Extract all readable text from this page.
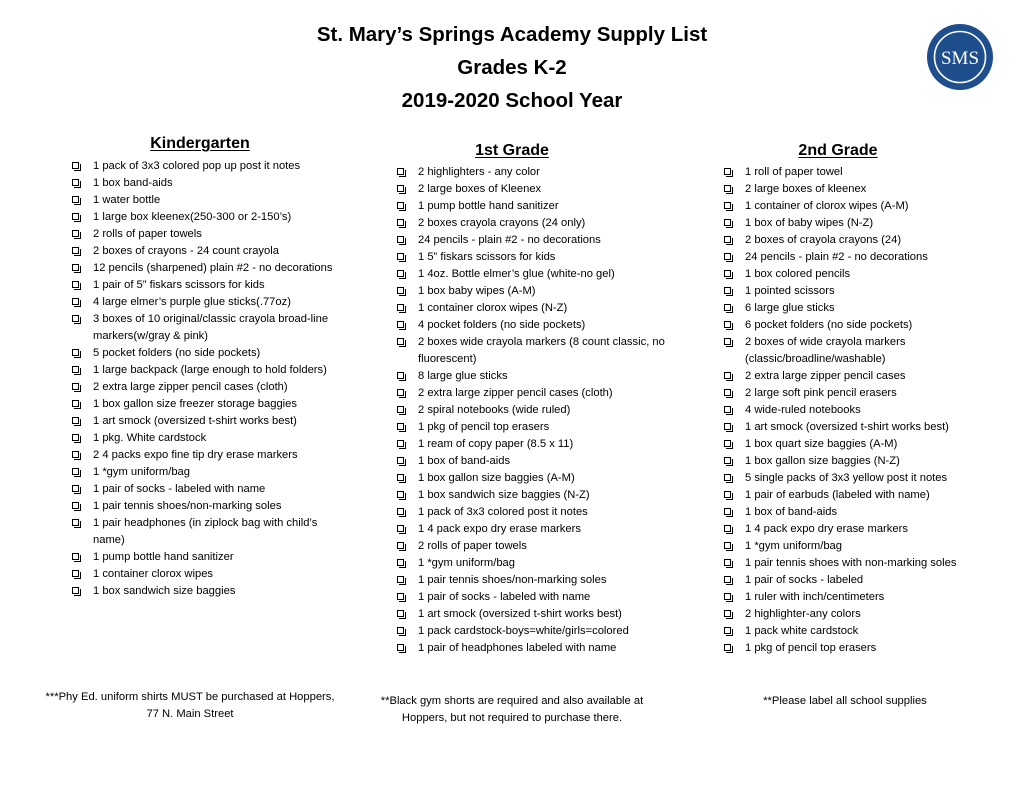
St. Mary’s Springs Academy Supply List
Grades K-2
2019-2020 School Year
SMS
Kindergarten
1 pack of 3x3 colored pop up post it notes
1 box band-aids
1 water bottle
1 large box kleenex(250-300 or 2-150’s)
2 rolls of paper towels
2 boxes of crayons - 24 count crayola
12 pencils (sharpened) plain #2 - no decorations
1 pair of 5” fiskars scissors for kids
4 large elmer’s purple glue sticks(.77oz)
3 boxes of 10 original/classic crayola broad-line markers(w/gray & pink)
5 pocket folders (no side pockets)
1 large backpack (large enough to hold folders)
2 extra large zipper pencil cases (cloth)
1 box gallon size freezer storage baggies
1 art smock (oversized t-shirt works best)
1 pkg. White cardstock
2 4 packs expo fine tip dry erase markers
1 *gym uniform/bag
1 pair of socks - labeled with name
1 pair tennis shoes/non-marking soles
1 pair headphones (in ziplock bag with child’s name)
1 pump bottle hand sanitizer
1 container clorox wipes
1 box sandwich size baggies
***Phy Ed. uniform shirts MUST be purchased at Hoppers, 77 N. Main Street
1st Grade
2 highlighters - any color
2 large boxes of Kleenex
1 pump bottle hand sanitizer
2 boxes crayola crayons (24 only)
24 pencils - plain #2 - no decorations
1 5” fiskars scissors for kids
1 4oz. Bottle elmer’s glue (white-no gel)
1 box baby wipes (A-M)
1 container clorox wipes (N-Z)
4 pocket folders (no side pockets)
2 boxes wide crayola markers (8 count classic, no fluorescent)
8 large glue sticks
2 extra large zipper pencil cases (cloth)
2 spiral notebooks (wide ruled)
1 pkg of pencil top erasers
1 ream of copy paper (8.5 x 11)
1 box of band-aids
1 box gallon size baggies (A-M)
1 box sandwich size baggies (N-Z)
1 pack of 3x3 colored post it notes
1 4 pack expo dry erase markers
2 rolls of paper towels
1 *gym uniform/bag
1 pair tennis shoes/non-marking soles
1 pair of socks - labeled with name
1 art smock (oversized t-shirt works best)
1 pack cardstock-boys=white/girls=colored
1 pair of headphones labeled with name
**Black gym shorts are required and also available at Hoppers, but not required to purchase there.
2nd Grade
1 roll of paper towel
2 large boxes of kleenex
1 container of clorox wipes (A-M)
1 box of baby wipes (N-Z)
2 boxes of crayola crayons (24)
24 pencils - plain #2 - no decorations
1 box colored pencils
1 pointed scissors
6 large glue sticks
6 pocket folders (no side pockets)
2 boxes of wide crayola markers (classic/broadline/washable)
2 extra large zipper pencil cases
2 large soft pink pencil erasers
4 wide-ruled notebooks
1 art smock (oversized t-shirt works best)
1 box quart size baggies (A-M)
1 box gallon size baggies (N-Z)
5 single packs of 3x3 yellow post it notes
1 pair of earbuds (labeled with name)
1 box of band-aids
1 4 pack expo dry erase markers
1 *gym uniform/bag
1 pair tennis shoes with non-marking soles
1 pair of socks - labeled
1 ruler with inch/centimeters
2 highlighter-any colors
1 pack white cardstock
1 pkg of pencil top erasers
**Please label all school supplies
